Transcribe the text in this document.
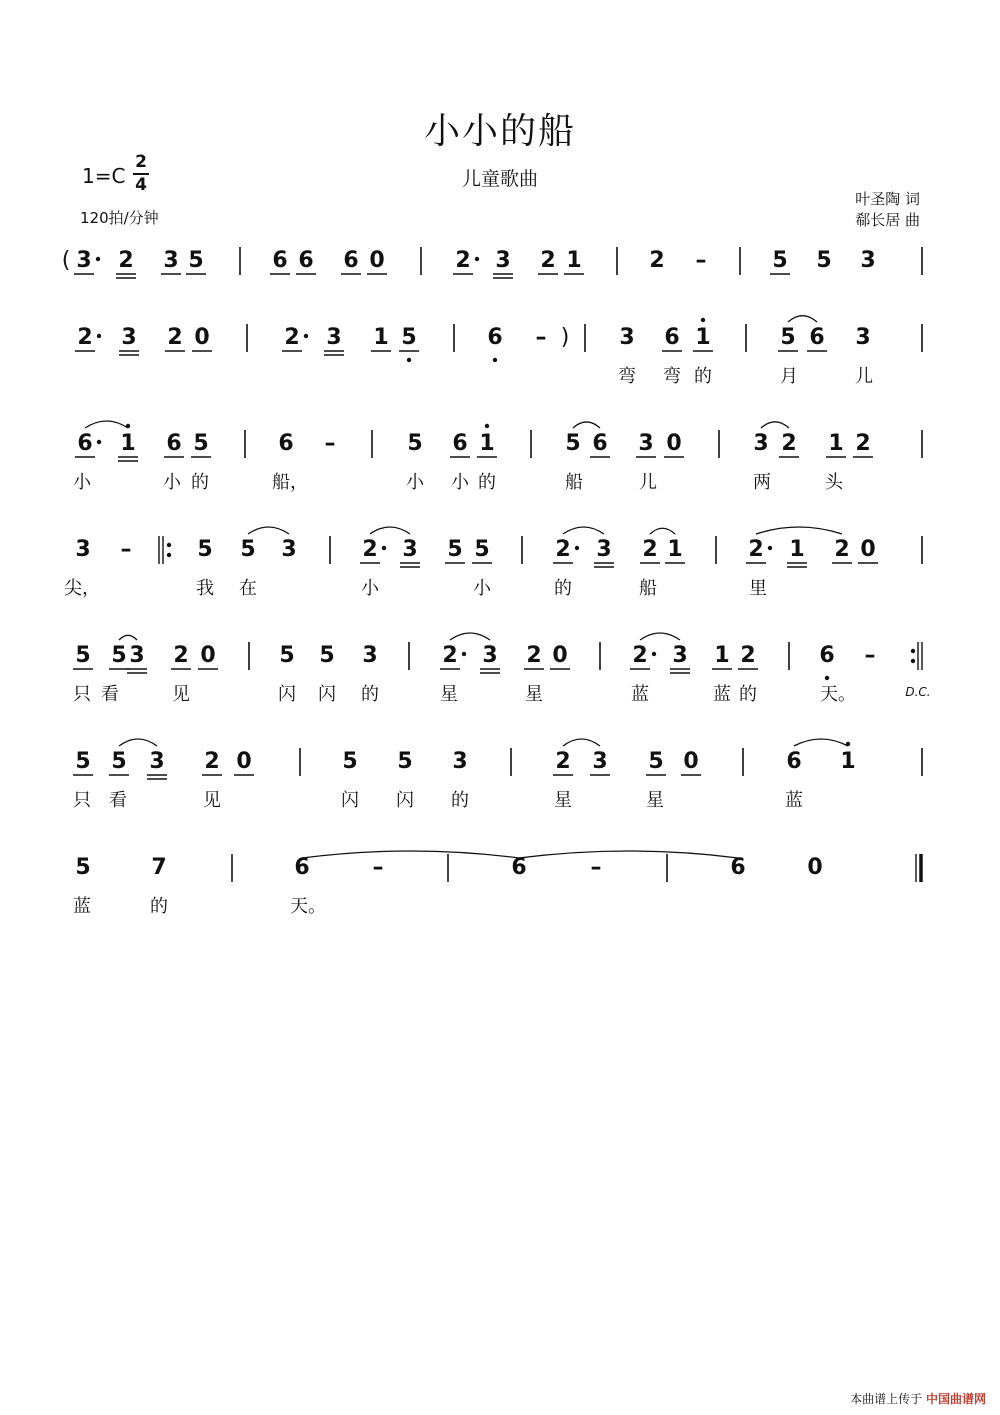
小小的船
儿童歌曲
1=C
2
4
120拍/分钟
叶圣陶 词
郗长居 曲
( 3 2 3 5	6 6 6 0	2 3 2 1	2 –	5 5 3
2 3 2 0	2 3 1 5	6 – ) 3 6 1	5 6 3
弯 弯 的	月	儿
6 1 6 5	6 –	5 6 1	5 6 3 0	3 2 1 2
小	小 的	船，	小 小 的	船	儿	两	头
3 –	5 5 3	2 3 5 5	2 3 2 1	2 1 2 0
尖，	我 在	小	小	的	船	里
5 5 3 2 0	5 5 3	2 3 2 0	2 3 1 2	6 –
只 看	见	闪 闪 的	星	星	蓝	蓝 的	天。
5 5 3 2 0	5 5 3	2 3 5 0	6 1
只 看	见	闪 闪 的	星	星	蓝
5	7	6	–	6	–	6	0
蓝	的	天。
D.C.
本曲谱上传于 中国曲谱网
